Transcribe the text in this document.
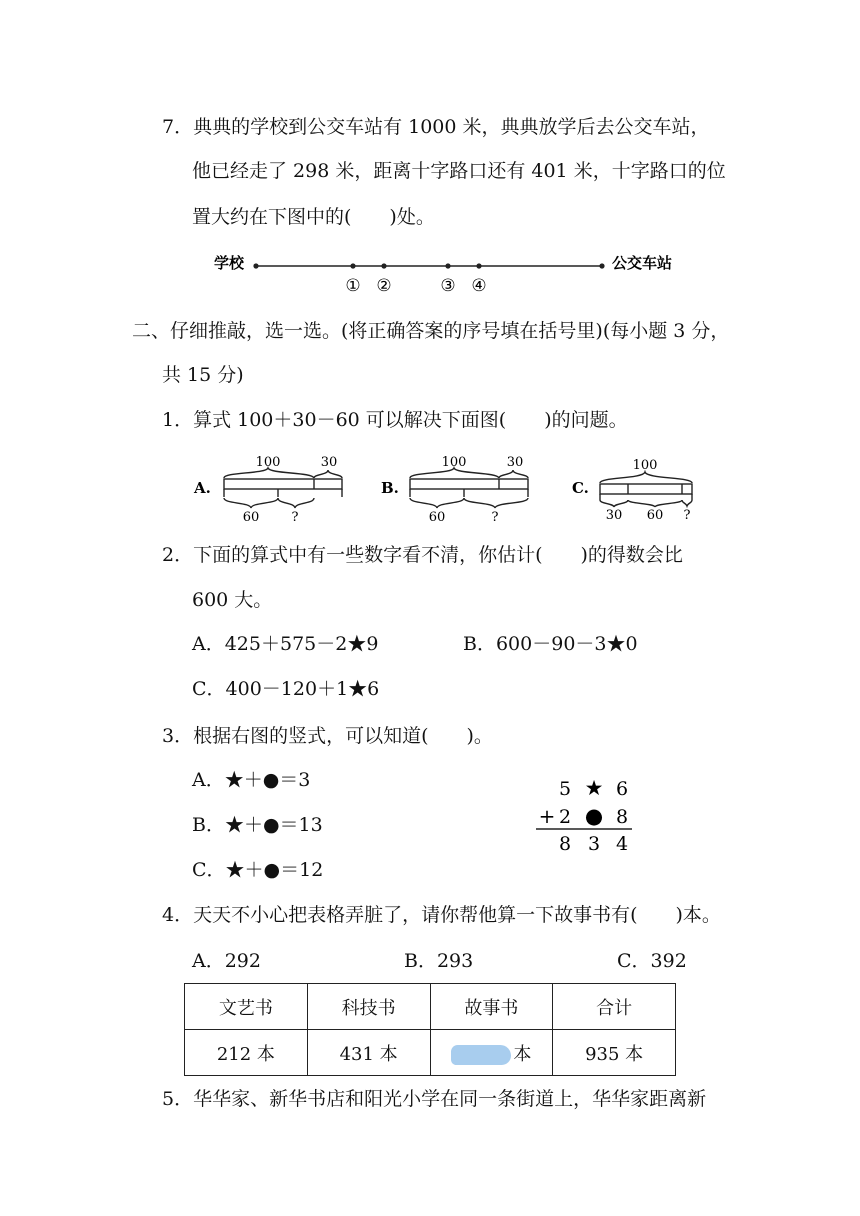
7．典典的学校到公交车站有 1000 米，典典放学后去公交车站，
他已经走了 298 米，距离十字路口还有 401 米，十字路口的位
置大约在下图中的(　　)处。
学校	公交车站
① ②	③ ④
二、仔细推敲，选一选。(将正确答案的序号填在括号里)(每小题 3 分，
共 15 分)
1．算式 100＋30－60 可以解决下面图(　　)的问题。
A.
100	30
60 ?
B.
100	30
60	?
C.
100
30 60 ?
2．下面的算式中有一些数字看不清，你估计(　　)的得数会比
600 大。
A．425＋575－2★9	B．600－90－3★0
C．400－120＋1★6
3．根据右图的竖式，可以知道(　　)。
A．★＋●＝3
B．★＋●＝13
C．★＋●＝12
5 ★ 6
+ 2 ● 8
8 3 4
4．天天不小心把表格弄脏了，请你帮他算一下故事书有(　　)本。
A．292	B．293	C．392
文艺书	科技书	故事书	合计
212 本	431 本	本	935 本
5．华华家、新华书店和阳光小学在同一条街道上，华华家距离新
